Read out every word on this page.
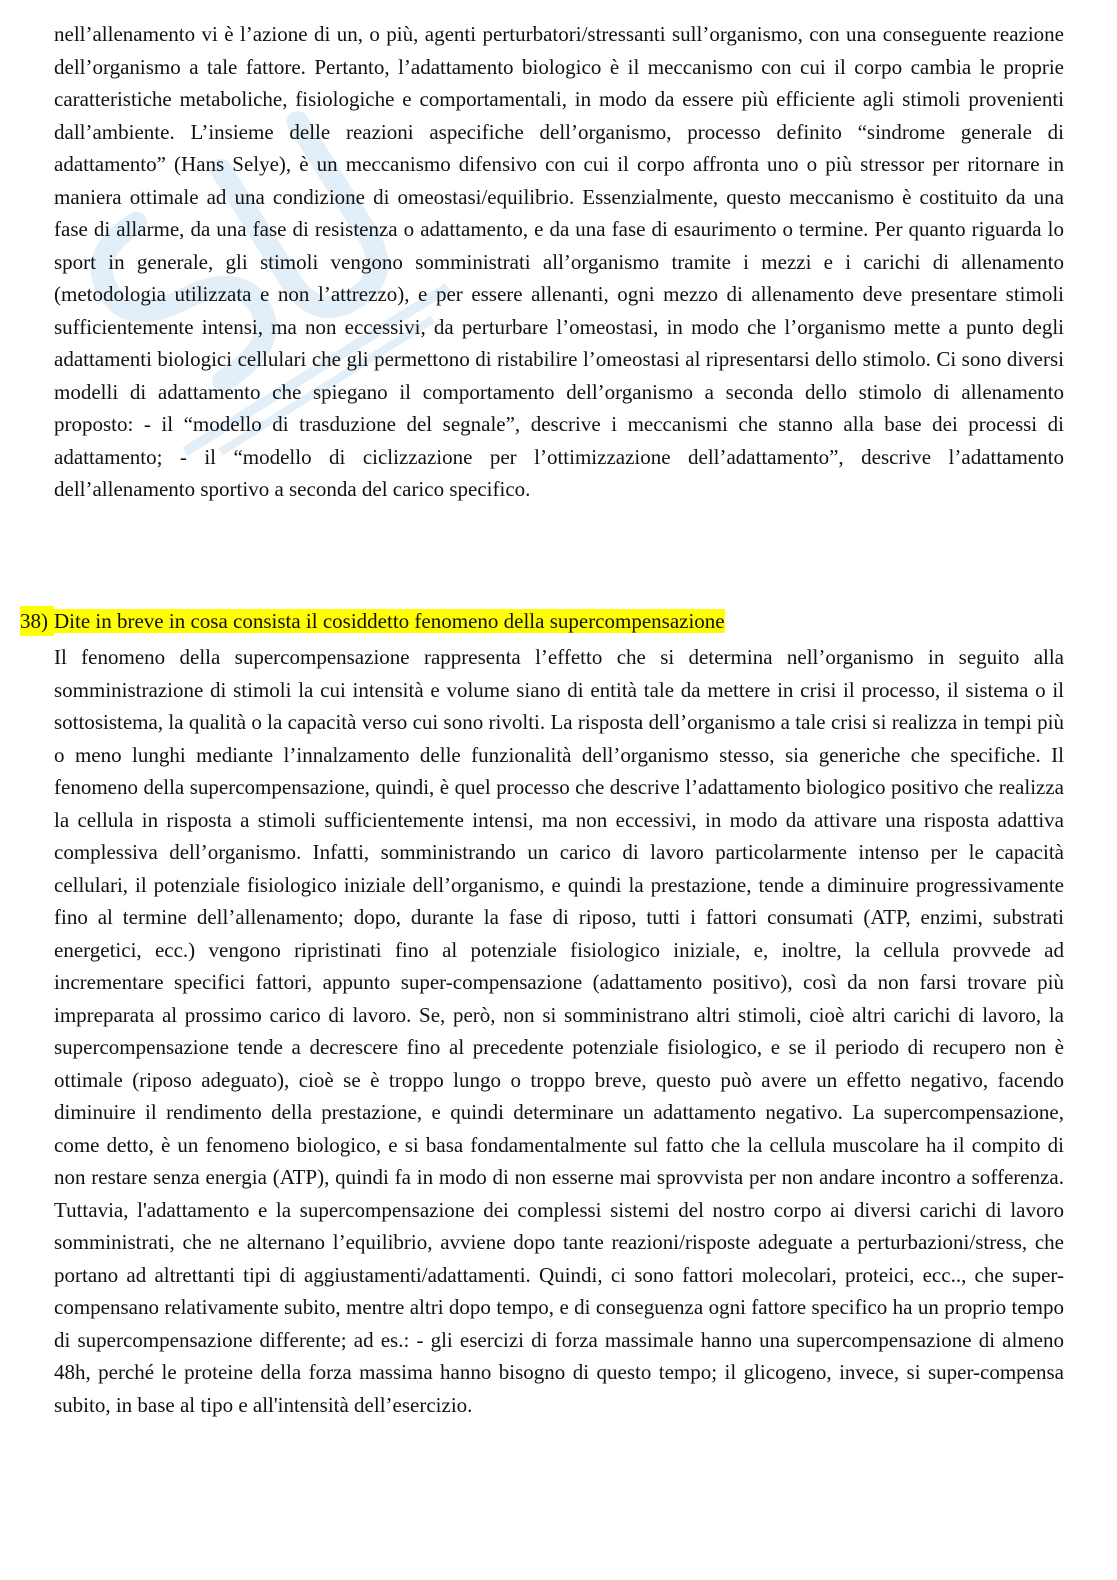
nell’allenamento vi è l’azione di un, o più, agenti perturbatori/stressanti sull’organismo, con una conseguente reazione dell’organismo a tale fattore. Pertanto, l’adattamento biologico è il meccanismo con cui il corpo cambia le proprie caratteristiche metaboliche, fisiologiche e comportamentali, in modo da essere più efficiente agli stimoli provenienti dall’ambiente. L’insieme delle reazioni aspecifiche dell’organismo, processo definito “sindrome generale di adattamento” (Hans Selye), è un meccanismo difensivo con cui il corpo affronta uno o più stressor per ritornare in maniera ottimale ad una condizione di omeostasi/equilibrio. Essenzialmente, questo meccanismo è costituito da una fase di allarme, da una fase di resistenza o adattamento, e da una fase di esaurimento o termine. Per quanto riguarda lo sport in generale, gli stimoli vengono somministrati all’organismo tramite i mezzi e i carichi di allenamento (metodologia utilizzata e non l’attrezzo), e per essere allenanti, ogni mezzo di allenamento deve presentare stimoli sufficientemente intensi, ma non eccessivi, da perturbare l’omeostasi, in modo che l’organismo mette a punto degli adattamenti biologici cellulari che gli permettono di ristabilire l’omeostasi al ripresentarsi dello stimolo. Ci sono diversi modelli di adattamento che spiegano il comportamento dell’organismo a seconda dello stimolo di allenamento proposto: - il “modello di trasduzione del segnale”, descrive i meccanismi che stanno alla base dei processi di adattamento; - il “modello di ciclizzazione per l’ottimizzazione dell’adattamento”, descrive l’adattamento dell’allenamento sportivo a seconda del carico specifico.

38) Dite in breve in cosa consista il cosiddetto fenomeno della supercompensazione

Il fenomeno della supercompensazione rappresenta l’effetto che si determina nell’organismo in seguito alla somministrazione di stimoli la cui intensità e volume siano di entità tale da mettere in crisi il processo, il sistema o il sottosistema, la qualità o la capacità verso cui sono rivolti. La risposta dell’organismo a tale crisi si realizza in tempi più o meno lunghi mediante l’innalzamento delle funzionalità dell’organismo stesso, sia generiche che specifiche. Il fenomeno della supercompensazione, quindi, è quel processo che descrive l’adattamento biologico positivo che realizza la cellula in risposta a stimoli sufficientemente intensi, ma non eccessivi, in modo da attivare una risposta adattiva complessiva dell’organismo. Infatti, somministrando un carico di lavoro particolarmente intenso per le capacità cellulari, il potenziale fisiologico iniziale dell’organismo, e quindi la prestazione, tende a diminuire progressivamente fino al termine dell’allenamento; dopo, durante la fase di riposo, tutti i fattori consumati (ATP, enzimi, substrati energetici, ecc.) vengono ripristinati fino al potenziale fisiologico iniziale, e, inoltre, la cellula provvede ad incrementare specifici fattori, appunto super-compensazione (adattamento positivo), così da non farsi trovare più impreparata al prossimo carico di lavoro. Se, però, non si somministrano altri stimoli, cioè altri carichi di lavoro, la supercompensazione tende a decrescere fino al precedente potenziale fisiologico, e se il periodo di recupero non è ottimale (riposo adeguato), cioè se è troppo lungo o troppo breve, questo può avere un effetto negativo, facendo diminuire il rendimento della prestazione, e quindi determinare un adattamento negativo. La supercompensazione, come detto, è un fenomeno biologico, e si basa fondamentalmente sul fatto che la cellula muscolare ha il compito di non restare senza energia (ATP), quindi fa in modo di non esserne mai sprovvista per non andare incontro a sofferenza. Tuttavia, l'adattamento e la supercompensazione dei complessi sistemi del nostro corpo ai diversi carichi di lavoro somministrati, che ne alternano l’equilibrio, avviene dopo tante reazioni/risposte adeguate a perturbazioni/stress, che portano ad altrettanti tipi di aggiustamenti/adattamenti. Quindi, ci sono fattori molecolari, proteici, ecc.., che super-compensano relativamente subito, mentre altri dopo tempo, e di conseguenza ogni fattore specifico ha un proprio tempo di supercompensazione differente; ad es.: - gli esercizi di forza massimale hanno una supercompensazione di almeno 48h, perché le proteine della forza massima hanno bisogno di questo tempo; il glicogeno, invece, si super-compensa subito, in base al tipo e all'intensità dell’esercizio.
